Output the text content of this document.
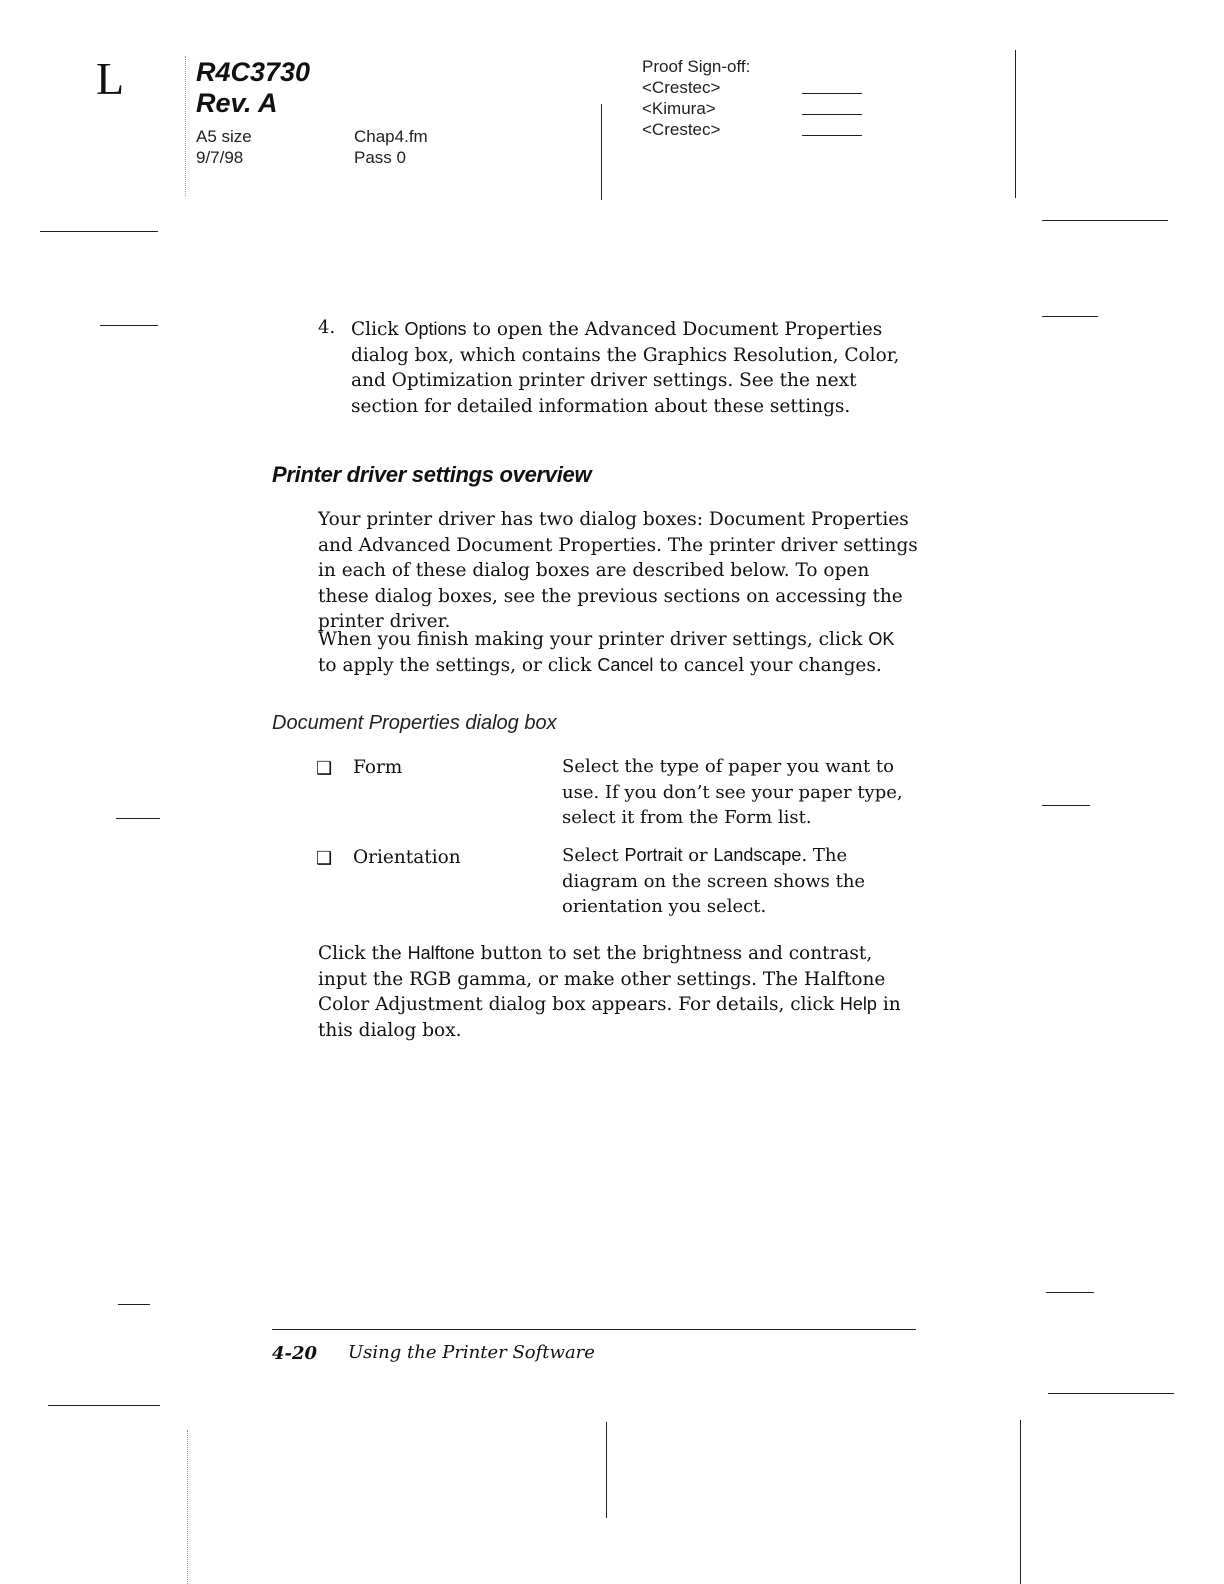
L	R4C3730
Rev. A
A5 size
9/7/98
Chap4.fm
Pass 0
Proof Sign-off:
<Crestec>
<Kimura>
<Crestec>
4. Click Options to open the Advanced Document Properties dialog box, which contains the Graphics Resolution, Color, and Optimization printer driver settings. See the next section for detailed information about these settings.
Printer driver settings overview
Your printer driver has two dialog boxes: Document Properties and Advanced Document Properties. The printer driver settings in each of these dialog boxes are described below. To open these dialog boxes, see the previous sections on accessing the printer driver.
When you finish making your printer driver settings, click OK to apply the settings, or click Cancel to cancel your changes.
Document Properties dialog box
❑ Form	Select the type of paper you want to use. If you don’t see your paper type, select it from the Form list.
❑ Orientation	Select Portrait or Landscape. The diagram on the screen shows the orientation you select.
Click the Halftone button to set the brightness and contrast, input the RGB gamma, or make other settings. The Halftone Color Adjustment dialog box appears. For details, click Help in this dialog box.
4-20 Using the Printer Software
